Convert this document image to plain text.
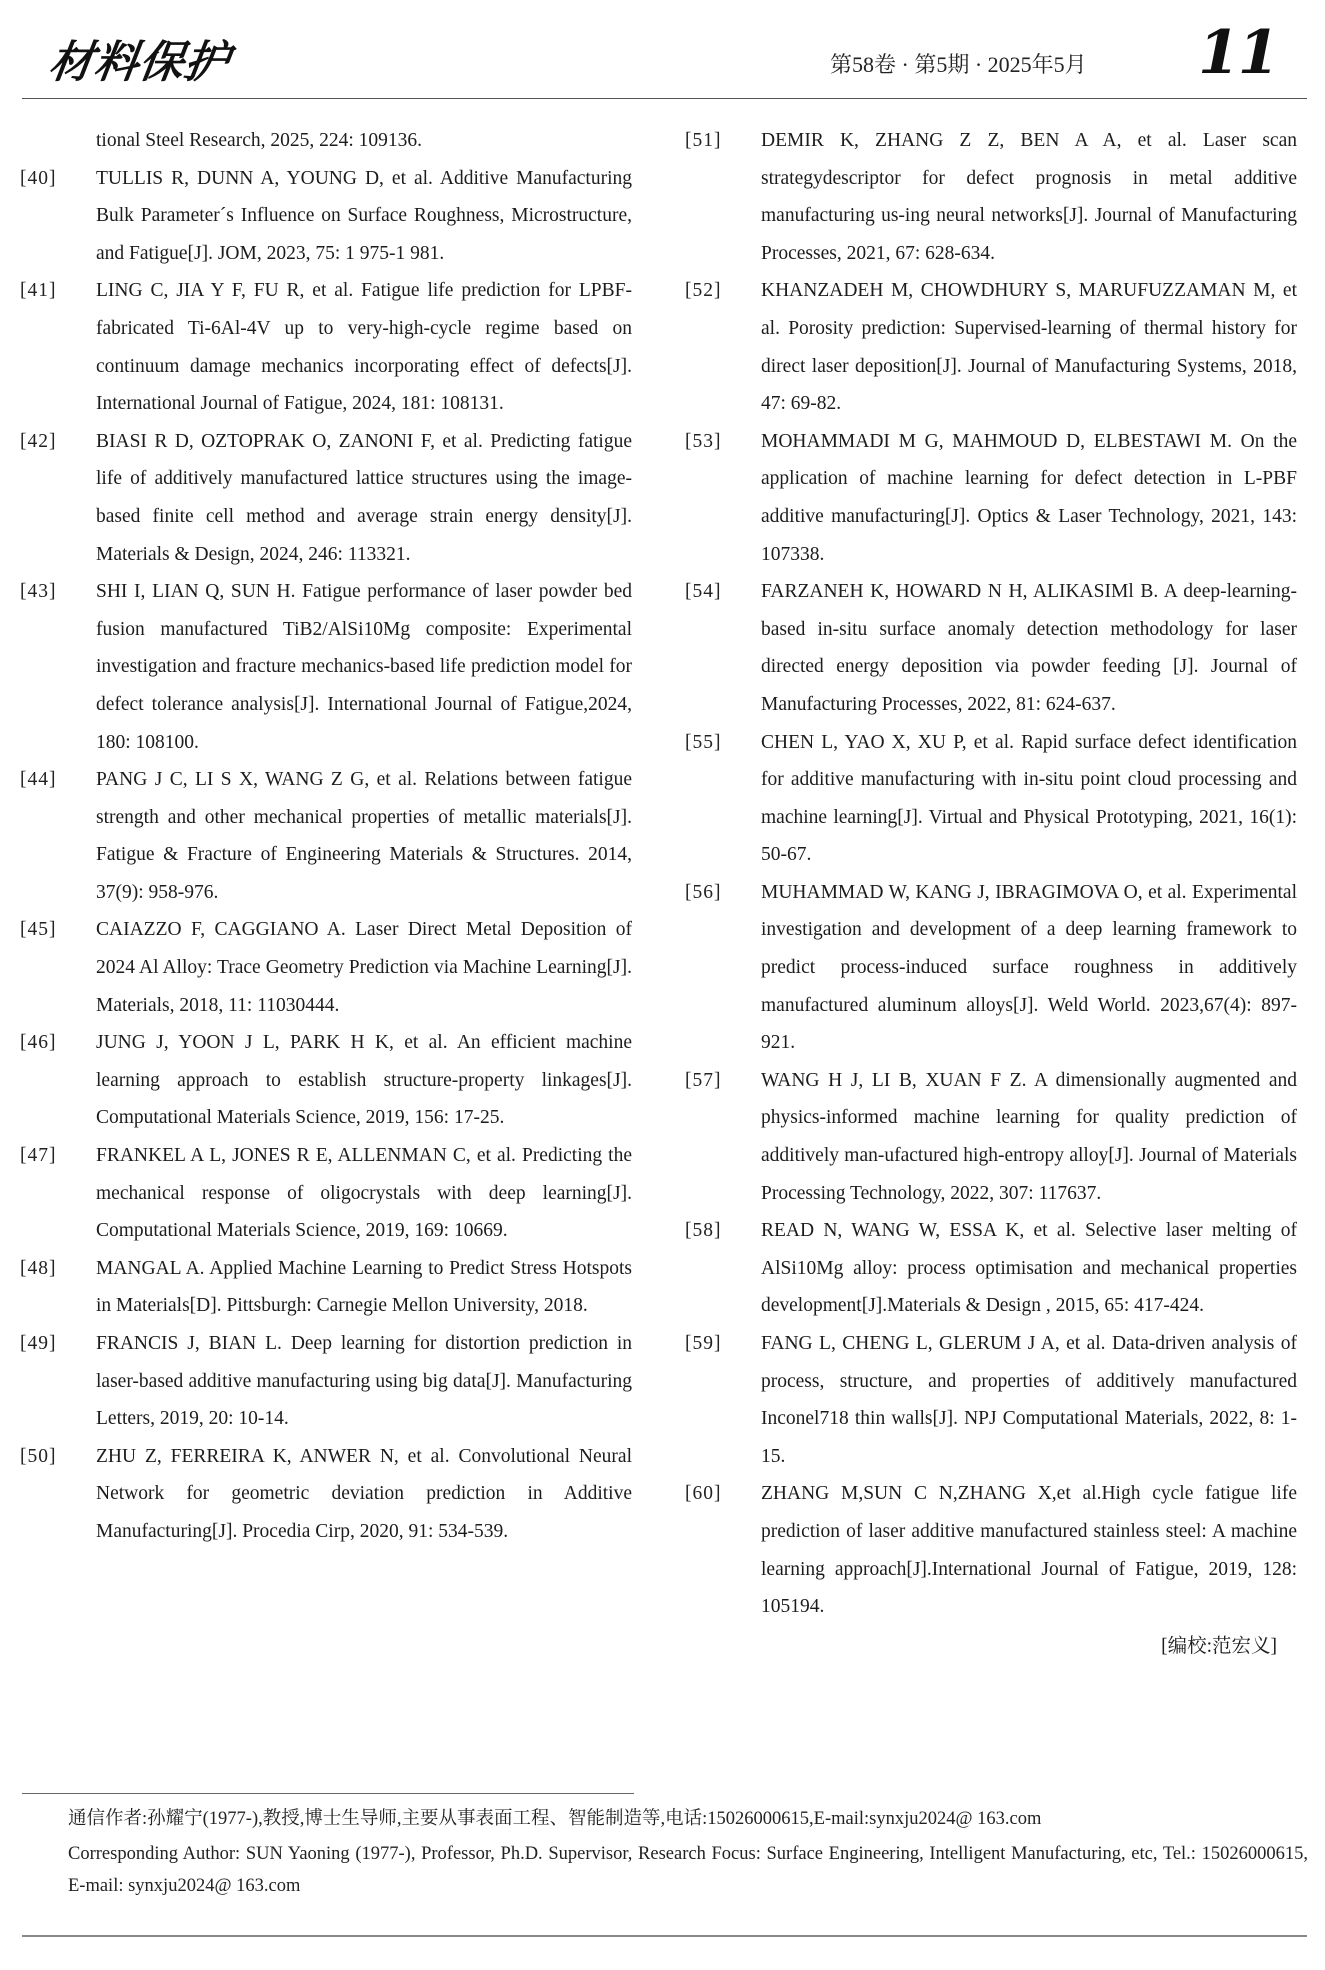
材料保护	第58卷 · 第5期 · 2025年5月 11
tional Steel Research, 2025, 224: 109136.
[40]	TULLIS R, DUNN A, YOUNG D, et al. Additive Manufacturing Bulk Parameter´s Influence on Surface Roughness, Microstructure, and Fatigue[J]. JOM, 2023, 75: 1 975-1 981.
[41]	LING C, JIA Y F, FU R, et al. Fatigue life prediction for LPBF-fabricated Ti-6Al-4V up to very-high-cycle regime based on continuum damage mechanics incorporating effect of defects[J]. International Journal of Fatigue, 2024, 181: 108131.
[42]	BIASI R D, OZTOPRAK O, ZANONI F, et al. Predicting fatigue life of additively manufactured lattice structures using the image-based finite cell method and average strain energy density[J]. Materials & Design, 2024, 246: 113321.
[43]	SHI I, LIAN Q, SUN H. Fatigue performance of laser powder bed fusion manufactured TiB2/AlSi10Mg composite: Experimental investigation and fracture mechanics-based life prediction model for defect tolerance analysis[J]. International Journal of Fatigue,2024, 180: 108100.
[44]	PANG J C, LI S X, WANG Z G, et al. Relations between fatigue strength and other mechanical properties of metallic materials[J]. Fatigue & Fracture of Engineering Materials & Structures. 2014, 37(9): 958-976.
[45]	CAIAZZO F, CAGGIANO A. Laser Direct Metal Deposition of 2024 Al Alloy: Trace Geometry Prediction via Machine Learning[J]. Materials, 2018, 11: 11030444.
[46]	JUNG J, YOON J L, PARK H K, et al. An efficient machine learning approach to establish structure-property linkages[J]. Computational Materials Science, 2019, 156: 17-25.
[47]	FRANKEL A L, JONES R E, ALLENMAN C, et al. Predicting the mechanical response of oligocrystals with deep learning[J]. Computational Materials Science, 2019, 169: 10669.
[48]	MANGAL A. Applied Machine Learning to Predict Stress Hotspots in Materials[D]. Pittsburgh: Carnegie Mellon University, 2018.
[49]	FRANCIS J, BIAN L. Deep learning for distortion prediction in laser-based additive manufacturing using big data[J]. Manufacturing Letters, 2019, 20: 10-14.
[50]	ZHU Z, FERREIRA K, ANWER N, et al. Convolutional Neural Network for geometric deviation prediction in Additive Manufacturing[J]. Procedia Cirp, 2020, 91: 534-539.
[51]	DEMIR K, ZHANG Z Z, BEN A A, et al. Laser scan strategydescriptor for defect prognosis in metal additive manufacturing us-ing neural networks[J]. Journal of Manufacturing Processes, 2021, 67: 628-634.
[52]	KHANZADEH M, CHOWDHURY S, MARUFUZZAMAN M, et al. Porosity prediction: Supervised-learning of thermal history for direct laser deposition[J]. Journal of Manufacturing Systems, 2018, 47: 69-82.
[53]	MOHAMMADI M G, MAHMOUD D, ELBESTAWI M. On the application of machine learning for defect detection in L-PBF additive manufacturing[J]. Optics & Laser Technology, 2021, 143: 107338.
[54]	FARZANEH K, HOWARD N H, ALIKASIMl B. A deep-learning-based in-situ surface anomaly detection methodology for laser directed energy deposition via powder feeding [J]. Journal of Manufacturing Processes, 2022, 81: 624-637.
[55]	CHEN L, YAO X, XU P, et al. Rapid surface defect identification for additive manufacturing with in-situ point cloud processing and machine learning[J]. Virtual and Physical Prototyping, 2021, 16(1): 50-67.
[56]	MUHAMMAD W, KANG J, IBRAGIMOVA O, et al. Experimental investigation and development of a deep learning framework to predict process-induced surface roughness in additively manufactured aluminum alloys[J]. Weld World. 2023,67(4): 897-921.
[57]	WANG H J, LI B, XUAN F Z. A dimensionally augmented and physics-informed machine learning for quality prediction of additively man-ufactured high-entropy alloy[J]. Journal of Materials Processing Technology, 2022, 307: 117637.
[58]	READ N, WANG W, ESSA K, et al. Selective laser melting of AlSi10Mg alloy: process optimisation and mechanical properties development[J].Materials & Design , 2015, 65: 417-424.
[59]	FANG L, CHENG L, GLERUM J A, et al. Data-driven analysis of process, structure, and properties of additively manufactured Inconel718 thin walls[J]. NPJ Computational Materials, 2022, 8: 1-15.
[60]	ZHANG M,SUN C N,ZHANG X,et al.High cycle fatigue life prediction of laser additive manufactured stainless steel: A machine learning approach[J].International Journal of Fatigue, 2019, 128: 105194.
[编校:范宏义]
通信作者:孙耀宁(1977-),教授,博士生导师,主要从事表面工程、智能制造等,电话:15026000615,E-mail:synxju2024@ 163.com
Corresponding Author: SUN Yaoning (1977-), Professor, Ph.D. Supervisor, Research Focus: Surface Engineering, Intelligent Manufacturing, etc, Tel.: 15026000615, E-mail: synxju2024@ 163.com
